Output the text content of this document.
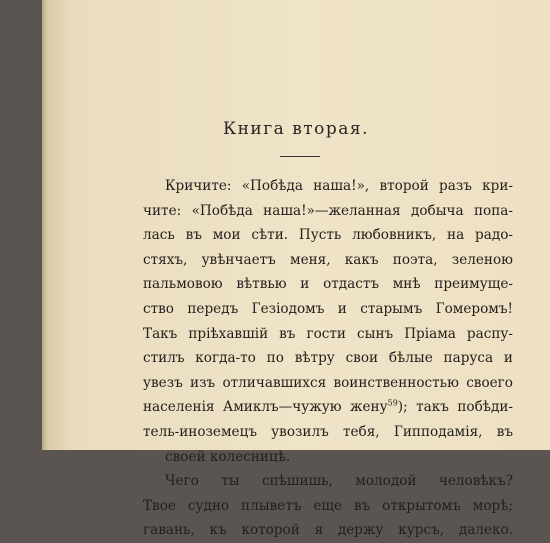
Книга вторая.
Кричите: «Побѣда наша!», второй разъ кри-
чите: «Побѣда наша!»—желанная добыча попа-
лась въ мои сѣти. Пусть любовникъ, на радо-
стяхъ, увѣнчаетъ меня, какъ поэта, зеленою
пальмовою вѣтвью и отдастъ мнѣ преимуще-
ство передъ Гезіодомъ и старымъ Гомеромъ!
Такъ пріѣхавшій въ гости сынъ Пріама распу-
стилъ когда-то по вѣтру свои бѣлые паруса и
увезъ изъ отличавшихся воинственностью своего
населенія Амиклъ—чужую жену$^{59}$); такъ побѣди-
тель-иноземецъ увозилъ тебя, Гипподамія, въ
своей колесницѣ.
Чего ты спѣшишь, молодой человѣкъ?
Твое судно плыветъ еще въ открытомъ морѣ;
гавань, къ которой я держу курсъ, далеко.
